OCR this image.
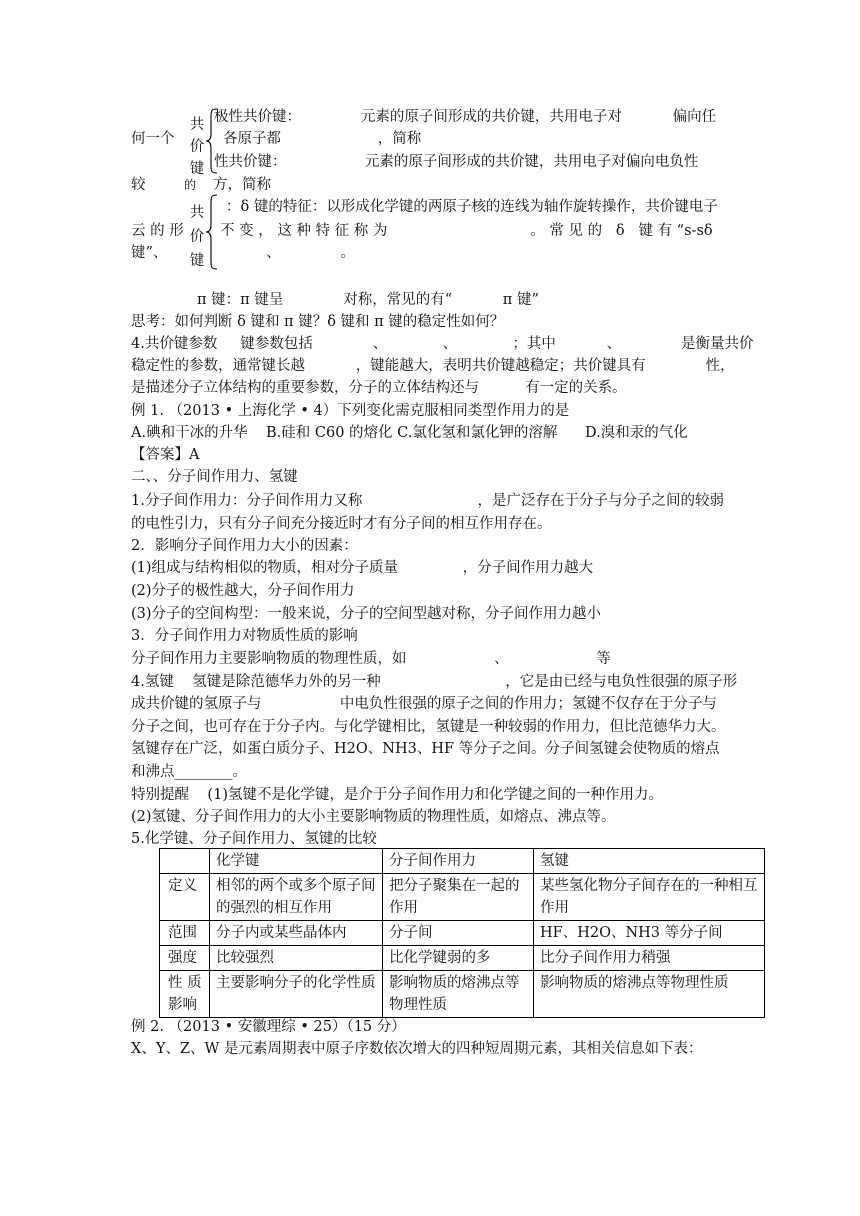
极性共价键：             元素的原子间形成的共价键，共用电子对           偏向任
何一个	各原子都                     ，简称
性共价键：                 元素的原子间形成的共价键，共用电子对偏向电负性
较	的 方，简称
共
价
键
：δ 键的特征：以形成化学键的两原子核的连线为轴作旋转操作，共价键电子
云 的 形	不 变 ， 这 种 特 征 称 为                               。 常 见 的   δ   键 有 “s-sδ
键”、	、             。
共
价
键
π 键：π 键呈             对称，常见的有“           π 键”
思考：如何判断 δ 键和 π 键？δ 键和 π 键的稳定性如何？
4.共价键参数     键参数包括             、            、            ；其中           、             是衡量共价
稳定性的参数，通常键长越           ，键能越大，表明共价键越稳定；共价键具有             性，
是描述分子立体结构的重要参数，分子的立体结构还与          有一定的关系。
例 1. （2013 • 上海化学 • 4）下列变化需克服相同类型作用力的是
A.碘和干冰的升华    B.硅和 C60 的熔化 C.氯化氢和氯化钾的溶解      D.溴和汞的气化
【答案】A
二、、分子间作用力、氢键
1.分子间作用力：分子间作用力又称                         ，是广泛存在于分子与分子之间的较弱
的电性引力，只有分子间充分接近时才有分子间的相互作用存在。
2．影响分子间作用力大小的因素：
(1)组成与结构相似的物质，相对分子质量              ，分子间作用力越大
(2)分子的极性越大，分子间作用力
(3)分子的空间构型：一般来说，分子的空间型越对称，分子间作用力越小
3．分子间作用力对物质性质的影响
分子间作用力主要影响物质的物理性质，如                   、                   等
4.氢键    氢键是除范德华力外的另一种                           ，它是由已经与电负性很强的原子形
成共价键的氢原子与                 中电负性很强的原子之间的作用力；氢键不仅存在于分子与
分子之间，也可存在于分子内。与化学键相比，氢键是一种较弱的作用力，但比范德华力大。
氢键存在广泛，如蛋白质分子、H2O、NH3、HF 等分子之间。分子间氢键会使物质的熔点
和沸点________。
特别提醒    (1)氢键不是化学键，是介于分子间作用力和化学键之间的一种作用力。
(2)氢键、分子间作用力的大小主要影响物质的物理性质，如熔点、沸点等。
5.化学键、分子间作用力、氢键的比较
	化学键	分子间作用力	氢键
定义	相邻的两个或多个原子间的强烈的相互作用	把分子聚集在一起的作用	某些氢化物分子间存在的一种相互作用
范围	分子内或某些晶体内	分子间	HF、H2O、NH3 等分子间
强度	比较强烈	比化学键弱的多	比分子间作用力稍强
性 质影响	主要影响分子的化学性质	影响物质的熔沸点等物理性质	影响物质的熔沸点等物理性质
例 2. （2013 • 安徽理综 • 25）（15 分）
X、Y、Z、W 是元素周期表中原子序数依次增大的四种短周期元素，其相关信息如下表：
